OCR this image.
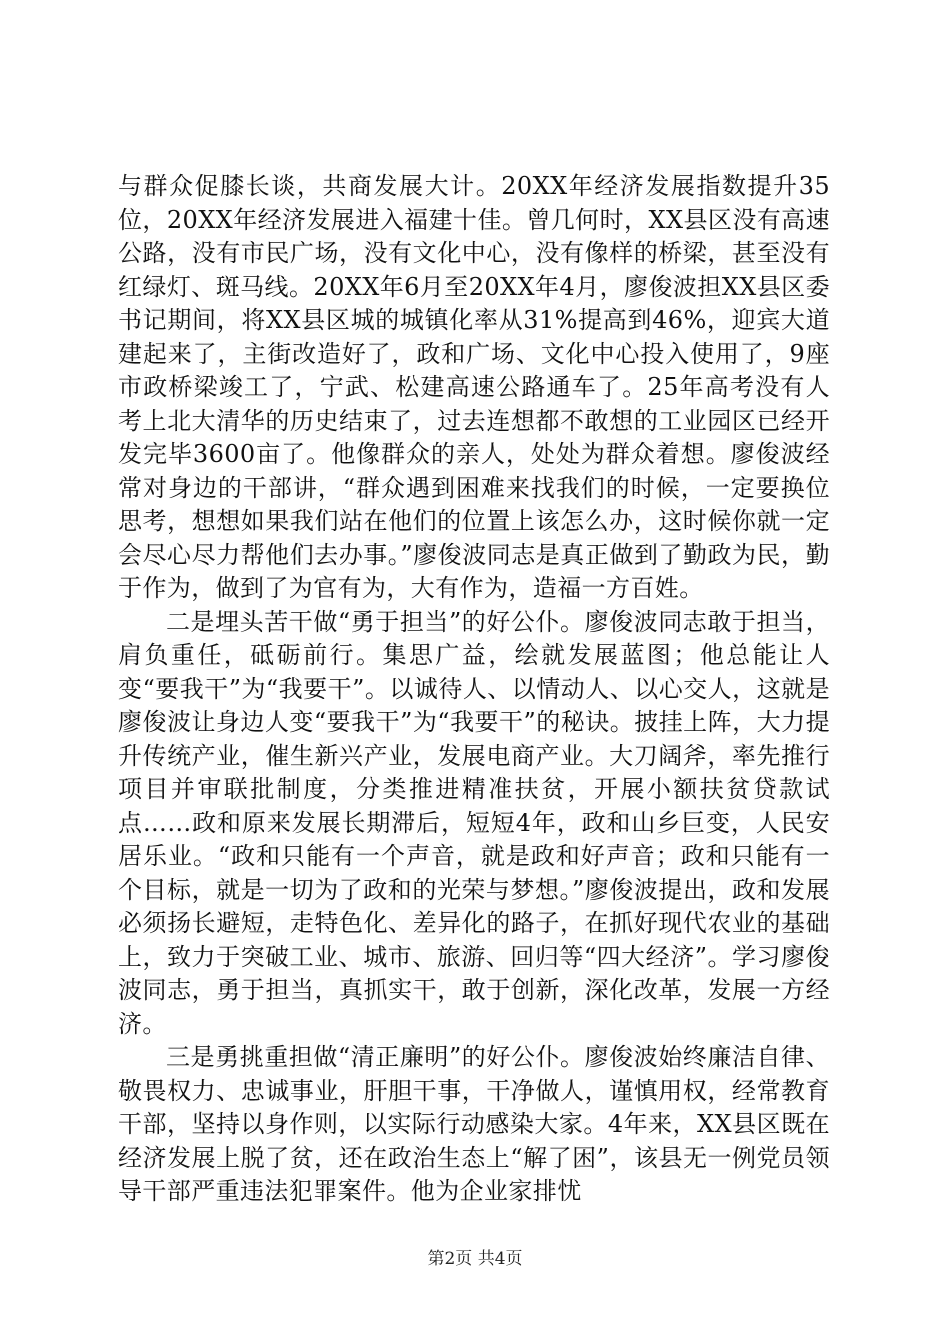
与群众促膝长谈，共商发展大计。20XX年经济发展指数提升35位，20XX年经济发展进入福建十佳。曾几何时，XX县区没有高速公路，没有市民广场，没有文化中心，没有像样的桥梁，甚至没有红绿灯、斑马线。20XX年6月至20XX年4月，廖俊波担XX县区委书记期间，将XX县区城的城镇化率从31%提高到46%，迎宾大道建起来了，主街改造好了，政和广场、文化中心投入使用了，9座市政桥梁竣工了，宁武、松建高速公路通车了。25年高考没有人考上北大清华的历史结束了，过去连想都不敢想的工业园区已经开发完毕3600亩了。他像群众的亲人，处处为群众着想。廖俊波经常对身边的干部讲，“群众遇到困难来找我们的时候，一定要换位思考，想想如果我们站在他们的位置上该怎么办，这时候你就一定会尽心尽力帮他们去办事。”廖俊波同志是真正做到了勤政为民，勤于作为，做到了为官有为，大有作为，造福一方百姓。

二是埋头苦干做“勇于担当”的好公仆。廖俊波同志敢于担当，肩负重任，砥砺前行。集思广益，绘就发展蓝图；他总能让人变“要我干”为“我要干”。以诚待人、以情动人、以心交人，这就是廖俊波让身边人变“要我干”为“我要干”的秘诀。披挂上阵，大力提升传统产业，催生新兴产业，发展电商产业。大刀阔斧，率先推行项目并审联批制度，分类推进精准扶贫，开展小额扶贫贷款试点……政和原来发展长期滞后，短短4年，政和山乡巨变，人民安居乐业。“政和只能有一个声音，就是政和好声音；政和只能有一个目标，就是一切为了政和的光荣与梦想。”廖俊波提出，政和发展必须扬长避短，走特色化、差异化的路子，在抓好现代农业的基础上，致力于突破工业、城市、旅游、回归等“四大经济”。学习廖俊波同志，勇于担当，真抓实干，敢于创新，深化改革，发展一方经济。

三是勇挑重担做“清正廉明”的好公仆。廖俊波始终廉洁自律、敬畏权力、忠诚事业，肝胆干事，干净做人，谨慎用权，经常教育干部，坚持以身作则，以实际行动感染大家。4年来，XX县区既在经济发展上脱了贫，还在政治生态上“解了困”，该县无一例党员领导干部严重违法犯罪案件。他为企业家排忧

第2页 共4页
